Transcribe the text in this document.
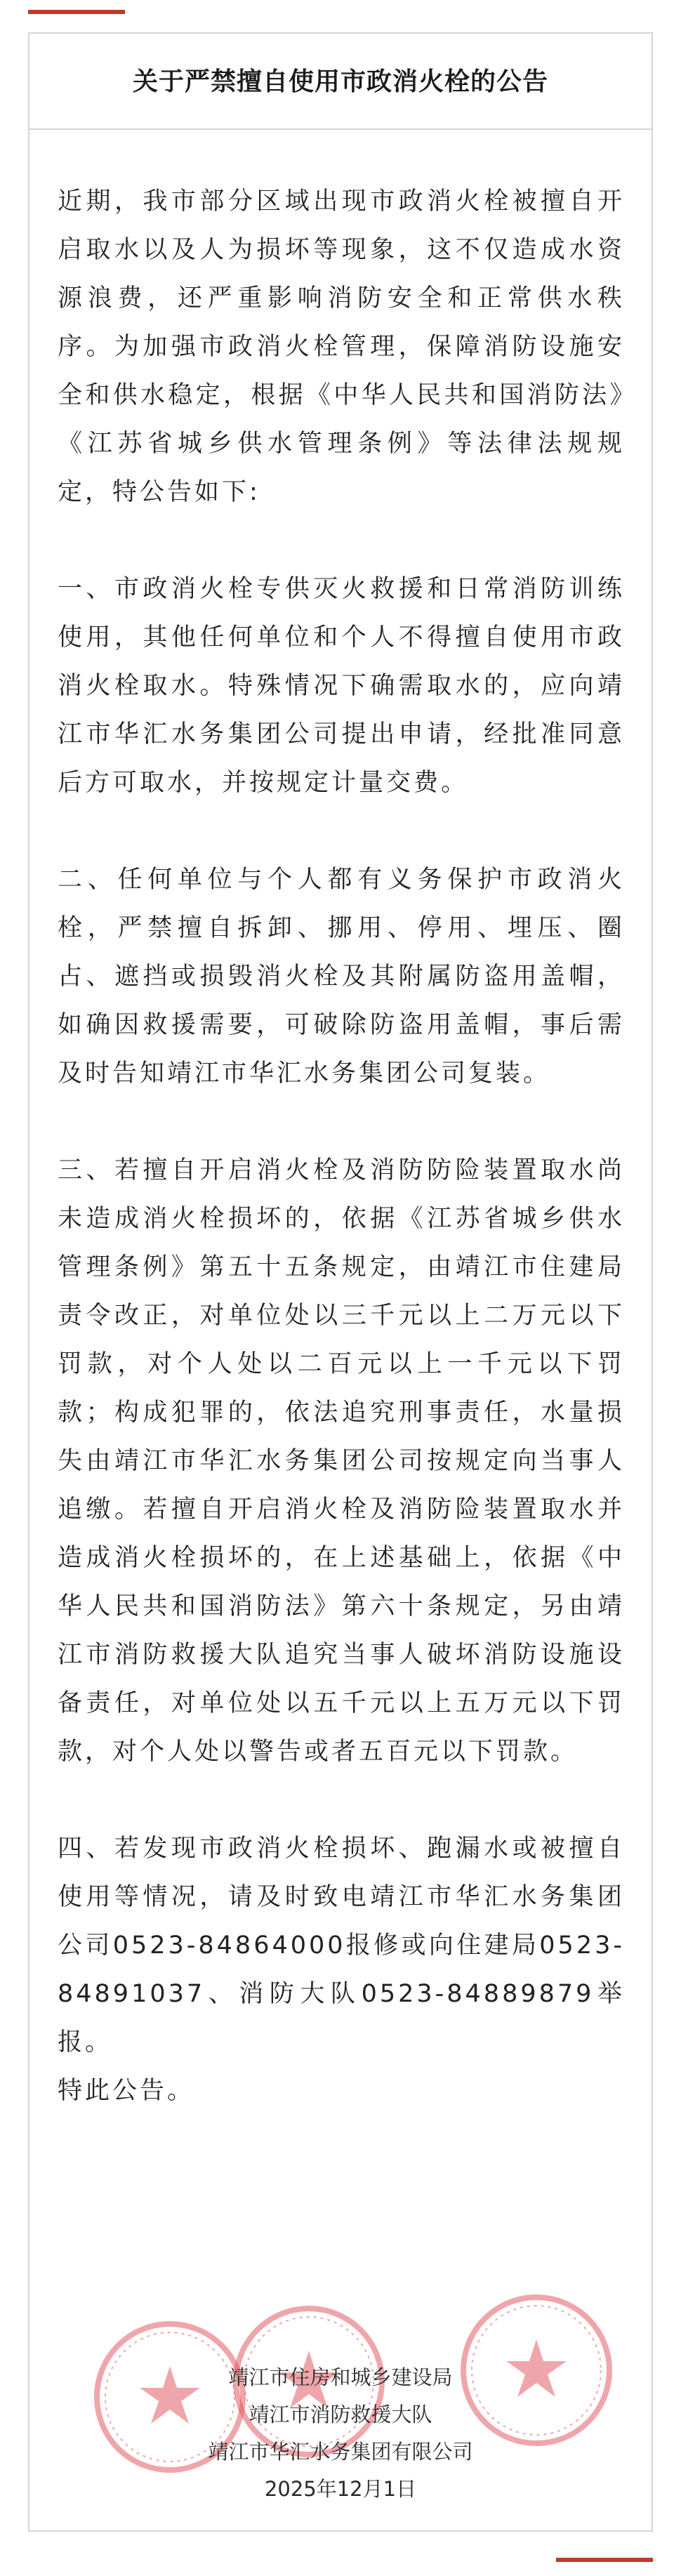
关于严禁擅自使用市政消火栓的公告

近期，我市部分区域出现市政消火栓被擅自开启取水以及人为损坏等现象，这不仅造成水资源浪费，还严重影响消防安全和正常供水秩序。为加强市政消火栓管理，保障消防设施安全和供水稳定，根据《中华人民共和国消防法》《江苏省城乡供水管理条例》等法律法规规定，特公告如下:

一、市政消火栓专供灭火救援和日常消防训练使用，其他任何单位和个人不得擅自使用市政消火栓取水。特殊情况下确需取水的，应向靖江市华汇水务集团公司提出申请，经批准同意后方可取水，并按规定计量交费。

二、任何单位与个人都有义务保护市政消火栓，严禁擅自拆卸、挪用、停用、埋压、圈占、遮挡或损毁消火栓及其附属防盗用盖帽，如确因救援需要，可破除防盗用盖帽，事后需及时告知靖江市华汇水务集团公司复装。

三、若擅自开启消火栓及消防防险装置取水尚未造成消火栓损坏的，依据《江苏省城乡供水管理条例》第五十五条规定，由靖江市住建局责令改正，对单位处以三千元以上二万元以下罚款，对个人处以二百元以上一千元以下罚款；构成犯罪的，依法追究刑事责任，水量损失由靖江市华汇水务集团公司按规定向当事人追缴。若擅自开启消火栓及消防险装置取水并造成消火栓损坏的，在上述基础上，依据《中华人民共和国消防法》第六十条规定，另由靖江市消防救援大队追究当事人破坏消防设施设备责任，对单位处以五千元以上五万元以下罚款，对个人处以警告或者五百元以下罚款。

四、若发现市政消火栓损坏、跑漏水或被擅自使用等情况，请及时致电靖江市华汇水务集团公司0523-84864000报修或向住建局0523-84891037、消防大队0523-84889879举报。

特此公告。

靖江市住房和城乡建设局
靖江市消防救援大队
靖江市华汇水务集团有限公司
2025年12月1日
